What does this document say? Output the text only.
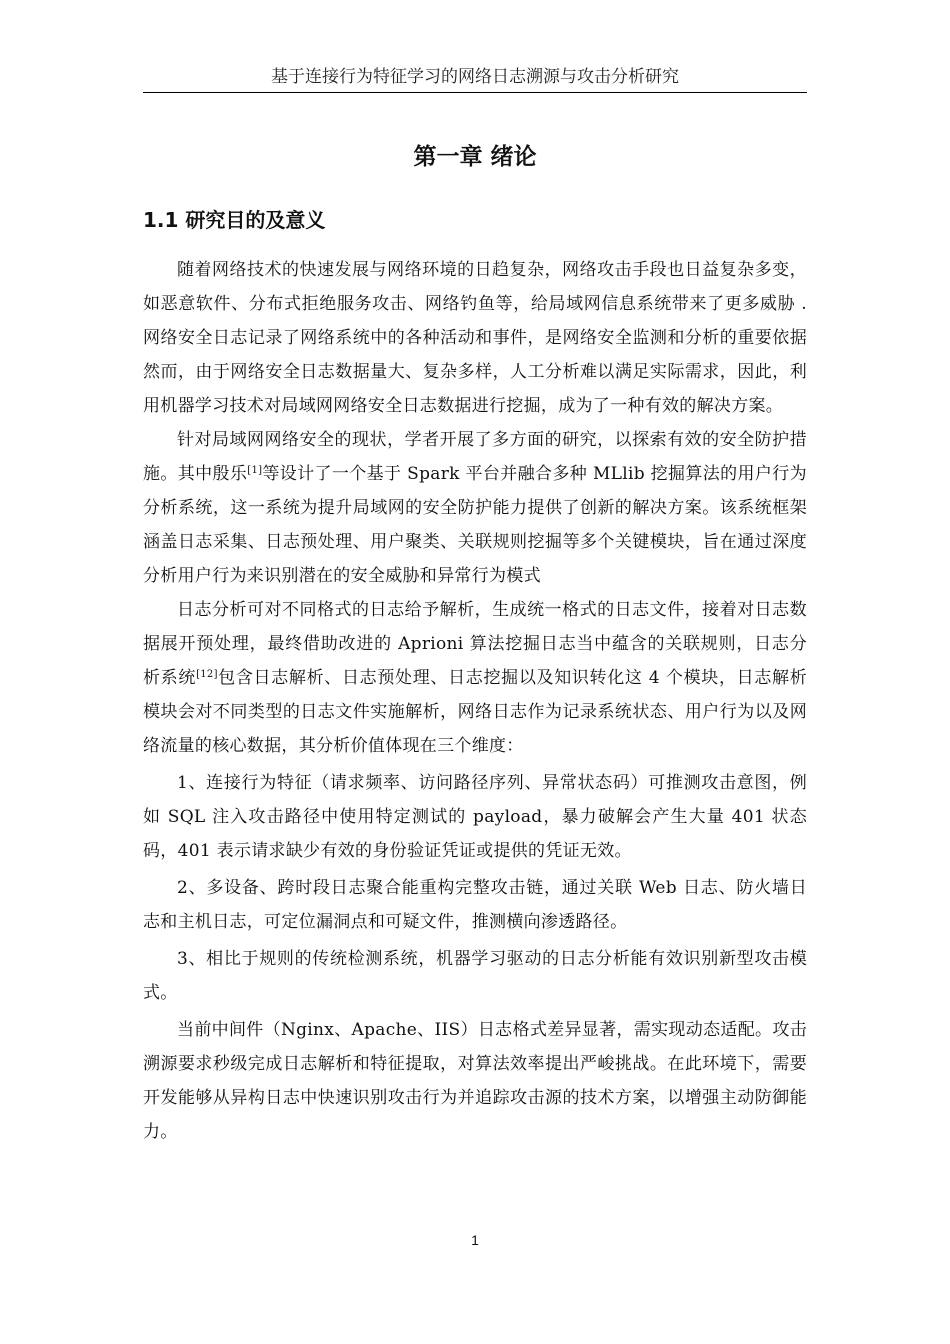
基于连接行为特征学习的网络日志溯源与攻击分析研究
第一章 绪论
1.1 研究目的及意义

随着网络技术的快速发展与网络环境的日趋复杂，网络攻击手段也日益复杂多变，如恶意软件、分布式拒绝服务攻击、网络钓鱼等，给局域网信息系统带来了更多威胁 . 网络安全日志记录了网络系统中的各种活动和事件，是网络安全监测和分析的重要依据然而，由于网络安全日志数据量大、复杂多样，人工分析难以满足实际需求，因此，利用机器学习技术对局域网网络安全日志数据进行挖掘，成为了一种有效的解决方案。

针对局域网网络安全的现状，学者开展了多方面的研究，以探索有效的安全防护措施。其中殷乐[1]等设计了一个基于 Spark 平台并融合多种 MLlib 挖掘算法的用户行为分析系统，这一系统为提升局域网的安全防护能力提供了创新的解决方案。该系统框架涵盖日志采集、日志预处理、用户聚类、关联规则挖掘等多个关键模块，旨在通过深度分析用户行为来识别潜在的安全威胁和异常行为模式

日志分析可对不同格式的日志给予解析，生成统一格式的日志文件，接着对日志数据展开预处理，最终借助改进的 Aprioni 算法挖掘日志当中蕴含的关联规则，日志分析系统[12]包含日志解析、日志预处理、日志挖掘以及知识转化这 4 个模块，日志解析模块会对不同类型的日志文件实施解析，网络日志作为记录系统状态、用户行为以及网络流量的核心数据，其分析价值体现在三个维度：

1、连接行为特征（请求频率、访问路径序列、异常状态码）可推测攻击意图，例如 SQL 注入攻击路径中使用特定测试的 payload，暴力破解会产生大量 401 状态码，401 表示请求缺少有效的身份验证凭证或提供的凭证无效。

2、多设备、跨时段日志聚合能重构完整攻击链，通过关联 Web 日志、防火墙日志和主机日志，可定位漏洞点和可疑文件，推测横向渗透路径。

3、相比于规则的传统检测系统，机器学习驱动的日志分析能有效识别新型攻击模式。

当前中间件（Nginx、Apache、IIS）日志格式差异显著，需实现动态适配。攻击溯源要求秒级完成日志解析和特征提取，对算法效率提出严峻挑战。在此环境下，需要开发能够从异构日志中快速识别攻击行为并追踪攻击源的技术方案，以增强主动防御能力。

1
